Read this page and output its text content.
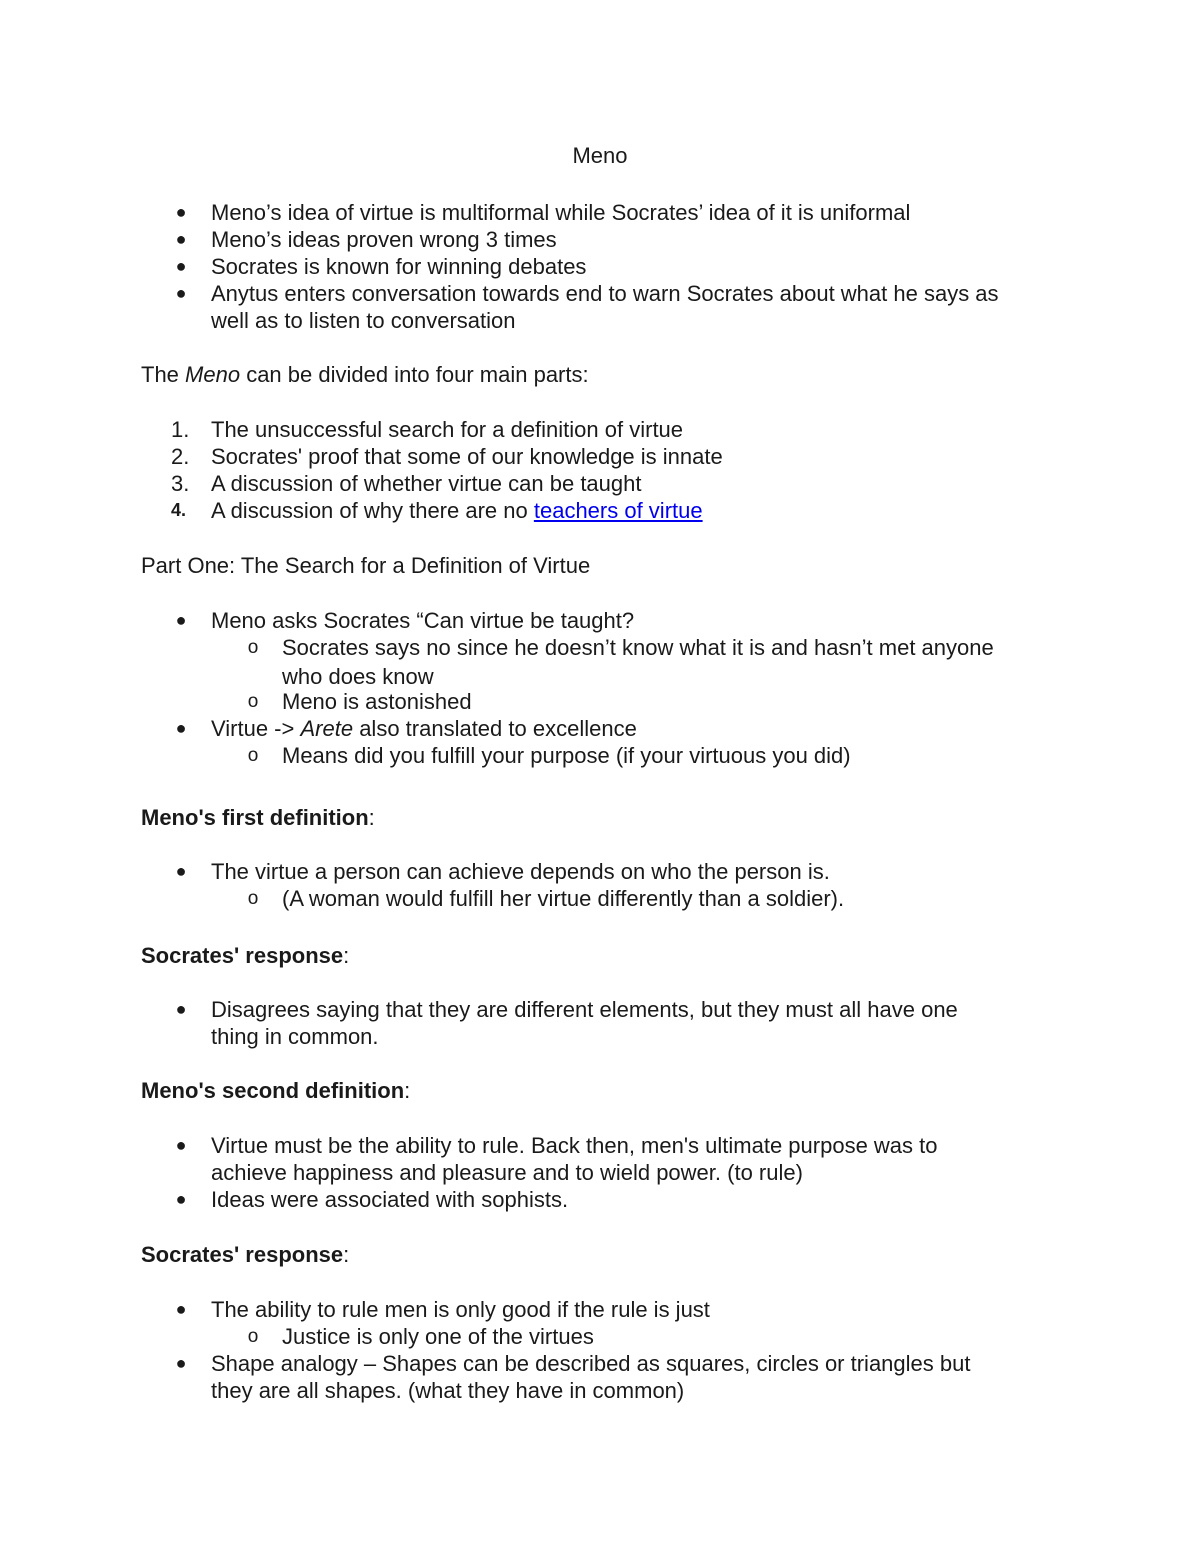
Meno
● Meno’s idea of virtue is multiformal while Socrates’ idea of it is uniformal
● Meno’s ideas proven wrong 3 times
● Socrates is known for winning debates
● Anytus enters conversation towards end to warn Socrates about what he says as
well as to listen to conversation
The Meno can be divided into four main parts:
1. The unsuccessful search for a definition of virtue
2. Socrates' proof that some of our knowledge is innate
3. A discussion of whether virtue can be taught
4.	A discussion of why there are no teachers of virtue
Part One: The Search for a Definition of Virtue
● Meno asks Socrates “Can virtue be taught?
o Socrates says no since he doesn’t know what it is and hasn’t met anyone
who does know
o Meno is astonished
● Virtue -> Arete also translated to excellence
o Means did you fulfill your purpose (if your virtuous you did)
Meno's first definition:
● The virtue a person can achieve depends on who the person is.
o (A woman would fulfill her virtue differently than a soldier).
Socrates' response:
● Disagrees saying that they are different elements, but they must all have one
thing in common.
Meno's second definition:
● Virtue must be the ability to rule. Back then, men's ultimate purpose was to
achieve happiness and pleasure and to wield power. (to rule)
● Ideas were associated with sophists.
Socrates' response:
● The ability to rule men is only good if the rule is just
o Justice is only one of the virtues
● Shape analogy – Shapes can be described as squares, circles or triangles but
they are all shapes. (what they have in common)
